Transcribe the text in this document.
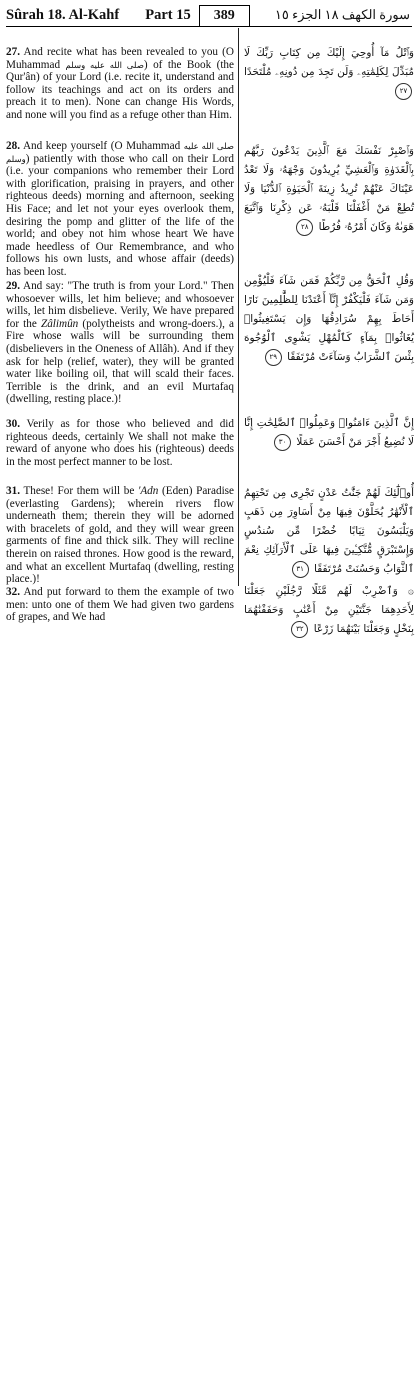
Sûrah 18. Al-Kahf Part 15	389	سورة الكهف ١٨ الجزء ١٥
27. And recite what has been revealed to you (O Muhammad صلى الله عليه وسلم) of the Book (the Qur'ân) of your Lord (i.e. recite it, understand and follow its teachings and act on its orders and preach it to men). None can change His Words, and none will you find as a refuge other than Him.
وَٱتْلُ مَآ أُوحِيَ إِلَيْكَ مِن كِتَابِ رَبِّكَ لَا مُبَدِّلَ لِكَلِمَٰتِهِۦ وَلَن تَجِدَ مِن دُونِهِۦ مُلْتَحَدًا ٢٧
28. And keep yourself (O Muhammad صلى الله عليه وسلم) patiently with those who call on their Lord (i.e. your companions who remember their Lord with glorification, praising in prayers, and other righteous deeds) morning and afternoon, seeking His Face; and let not your eyes overlook them, desiring the pomp and glitter of the life of the world; and obey not him whose heart We have made heedless of Our Remembrance, and who follows his own lusts, and whose affair (deeds) has been lost.
وَٱصْبِرْ نَفْسَكَ مَعَ ٱلَّذِينَ يَدْعُونَ رَبَّهُم بِٱلْغَدَوٰةِ وَٱلْعَشِيِّ يُرِيدُونَ وَجْهَهُۥ وَلَا تَعْدُ عَيْنَاكَ عَنْهُمْ تُرِيدُ زِينَةَ ٱلْحَيَوٰةِ ٱلدُّنْيَا وَلَا تُطِعْ مَنْ أَغْفَلْنَا قَلْبَهُۥ عَن ذِكْرِنَا وَٱتَّبَعَ هَوَىٰهُ وَكَانَ أَمْرُهُۥ فُرُطًا ٢٨
29. And say: "The truth is from your Lord." Then whosoever wills, let him believe; and whosoever wills, let him disbelieve. Verily, We have prepared for the Zâlimûn (polytheists and wrong-doers.), a Fire whose walls will be surrounding them (disbelievers in the Oneness of Allâh). And if they ask for help (relief, water), they will be granted water like boiling oil, that will scald their faces. Terrible is the drink, and an evil Murtafaq (dwelling, resting place.)!
وَقُلِ ٱلْحَقُّ مِن رَّبِّكُمْ فَمَن شَآءَ فَلْيُؤْمِن وَمَن شَآءَ فَلْيَكْفُرْ إِنَّآ أَعْتَدْنَا لِلظَّٰلِمِينَ نَارًا أَحَاطَ بِهِمْ سُرَادِقُهَا وَإِن يَسْتَغِيثُوا۟ يُغَاثُوا۟ بِمَآءٍ كَٱلْمُهْلِ يَشْوِى ٱلْوُجُوهَ بِئْسَ ٱلشَّرَابُ وَسَآءَتْ مُرْتَفَقًا ٢٩
30. Verily as for those who believed and did righteous deeds, certainly We shall not make the reward of anyone who does his (righteous) deeds in the most perfect manner to be lost.
إِنَّ ٱلَّذِينَ ءَامَنُوا۟ وَعَمِلُوا۟ ٱلصَّٰلِحَٰتِ إِنَّا لَا نُضِيعُ أَجْرَ مَنْ أَحْسَنَ عَمَلًا ٣٠
31. These! For them will be 'Adn (Eden) Paradise (everlasting Gardens); wherein rivers flow underneath them; therein they will be adorned with bracelets of gold, and they will wear green garments of fine and thick silk. They will recline therein on raised thrones. How good is the reward, and what an excellent Murtafaq (dwelling, resting place.)!
أُو۟لَٰٓئِكَ لَهُمْ جَنَّٰتُ عَدْنٍ تَجْرِى مِن تَحْتِهِمُ ٱلْأَنْهَٰرُ يُحَلَّوْنَ فِيهَا مِنْ أَسَاوِرَ مِن ذَهَبٍ وَيَلْبَسُونَ ثِيَابًا خُضْرًا مِّن سُندُسٍ وَإِسْتَبْرَقٍ مُّتَّكِـِٔينَ فِيهَا عَلَى ٱلْأَرَآئِكِ نِعْمَ ٱلثَّوَابُ وَحَسُنَتْ مُرْتَفَقًا ٣١
32. And put forward to them the example of two men: unto one of them We had given two gardens of grapes, and We had
۞ وَٱضْرِبْ لَهُم مَّثَلًا رَّجُلَيْنِ جَعَلْنَا لِأَحَدِهِمَا جَنَّتَيْنِ مِنْ أَعْنَٰبٍ وَحَفَفْنَٰهُمَا بِنَخْلٍ وَجَعَلْنَا بَيْنَهُمَا زَرْعًا ٣٢
